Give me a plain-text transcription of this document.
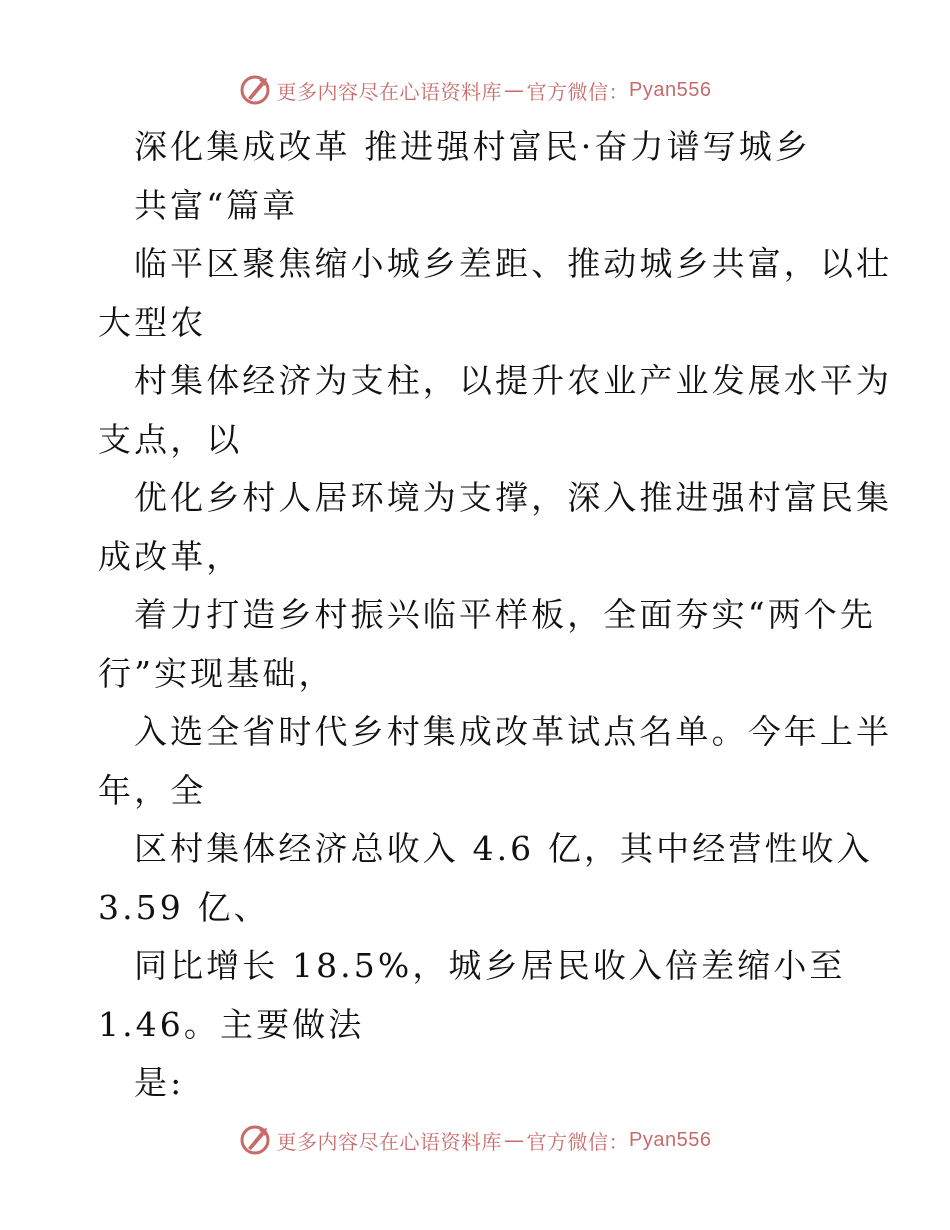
更多内容尽在心语资料库 — 官方微信： Pyan556
深化集成改革 推进强村富民·奋力谱写城乡
共富“篇章
临平区聚焦缩小城乡差距、推动城乡共富，以壮
大型农
村集体经济为支柱，以提升农业产业发展水平为
支点，以
优化乡村人居环境为支撑，深入推进强村富民集
成改革，
着力打造乡村振兴临平样板，全面夯实“两个先
行”实现基础，
入选全省时代乡村集成改革试点名单。今年上半
年，全
区村集体经济总收入 4.6 亿，其中经营性收入
3.59 亿、
同比增长 18.5%，城乡居民收入倍差缩小至
1.46。主要做法
是:
更多内容尽在心语资料库 — 官方微信： Pyan556
